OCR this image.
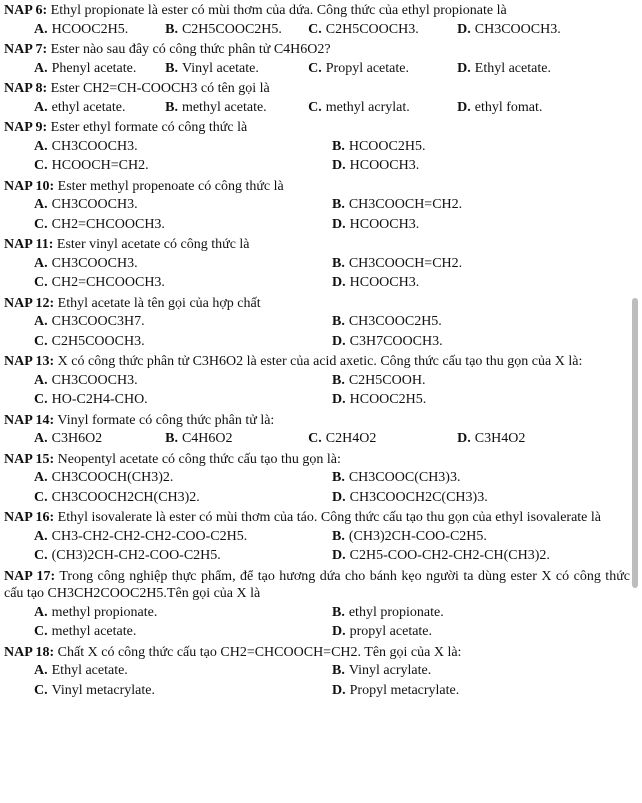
NAP 6: Ethyl propionate là ester có mùi thơm của dứa. Công thức của ethyl propionate là
A. HCOOC2H5.	B. C2H5COOC2H5.	C. C2H5COOCH3.	D. CH3COOCH3.
NAP 7: Ester nào sau đây có công thức phân tử C4H6O2?
A. Phenyl acetate.	B. Vinyl acetate.	C. Propyl acetate.	D. Ethyl acetate.
NAP 8: Ester CH2=CH-COOCH3 có tên gọi là
A. ethyl acetate.	B. methyl acetate.	C. methyl acrylat.	D. ethyl fomat.
NAP 9: Ester ethyl formate có công thức là
A. CH3COOCH3.	B. HCOOC2H5.
C. HCOOCH=CH2.	D. HCOOCH3.
NAP 10: Ester methyl propenoate có công thức là
A. CH3COOCH3.	B. CH3COOCH=CH2.
C. CH2=CHCOOCH3.	D. HCOOCH3.
NAP 11: Ester vinyl acetate có công thức là
A. CH3COOCH3.	B. CH3COOCH=CH2.
C. CH2=CHCOOCH3.	D. HCOOCH3.
NAP 12: Ethyl acetate là tên gọi của hợp chất
A. CH3COOC3H7.	B. CH3COOC2H5.
C. C2H5COOCH3.	D. C3H7COOCH3.
NAP 13: X có công thức phân tử C3H6O2 là ester của acid axetic. Công thức cấu tạo thu gọn của X là:
A. CH3COOCH3.	B. C2H5COOH.
C. HO-C2H4-CHO.	D. HCOOC2H5.
NAP 14: Vinyl formate có công thức phân tử là:
A. C3H6O2	B. C4H6O2	C. C2H4O2	D. C3H4O2
NAP 15: Neopentyl acetate có công thức cấu tạo thu gọn là:
A. CH3COOCH(CH3)2.	B. CH3COOC(CH3)3.
C. CH3COOCH2CH(CH3)2.	D. CH3COOCH2C(CH3)3.
NAP 16: Ethyl isovalerate là ester có mùi thơm của táo. Công thức cấu tạo thu gọn của ethyl isovalerate là
A. CH3-CH2-CH2-CH2-COO-C2H5.	B. (CH3)2CH-COO-C2H5.
C. (CH3)2CH-CH2-COO-C2H5.	D. C2H5-COO-CH2-CH2-CH(CH3)2.
NAP 17: Trong công nghiệp thực phẩm, để tạo hương dứa cho bánh kẹo người ta dùng ester X có công thức cấu tạo CH3CH2COOC2H5.Tên gọi của X là
A. methyl propionate.	B. ethyl propionate.
C. methyl acetate.	D. propyl acetate.
NAP 18: Chất X có công thức cấu tạo CH2=CHCOOCH=CH2. Tên gọi của X là:
A. Ethyl acetate.	B. Vinyl acrylate.
C. Vinyl metacrylate.	D. Propyl metacrylate.
